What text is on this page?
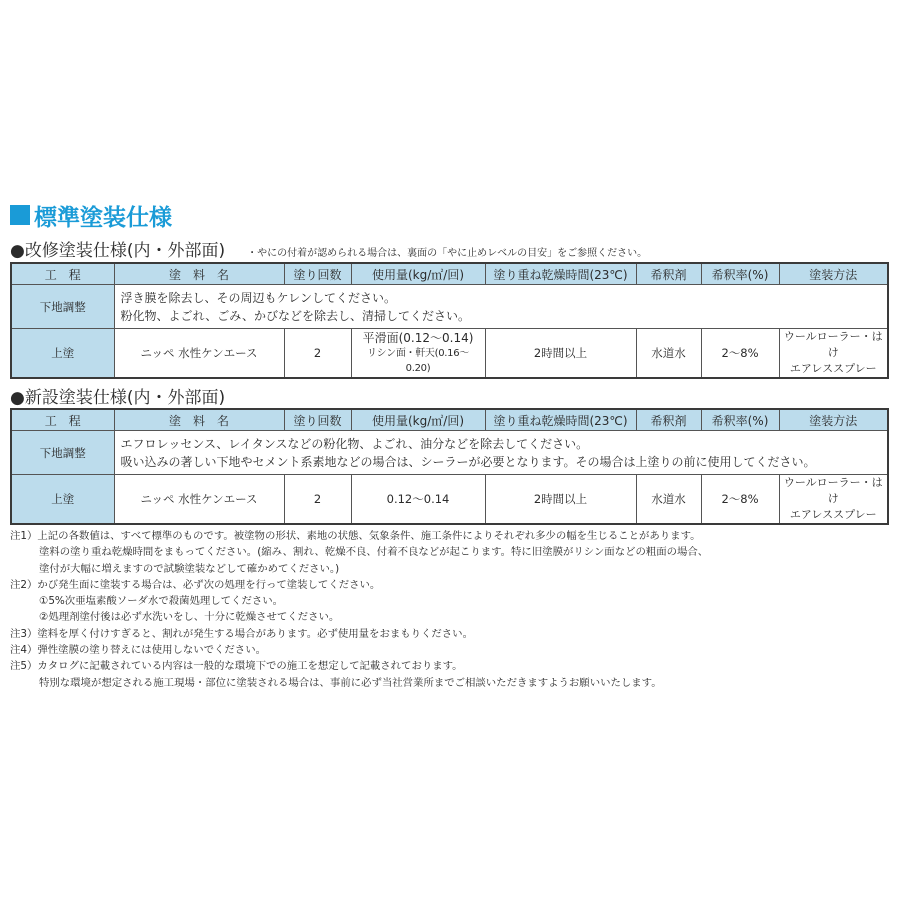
標準塗装仕様
●改修塗装仕様(内・外部面) ・やにの付着が認められる場合は、裏面の「やに止めレベルの目安」をご参照ください。
工　程	塗　料　名	塗り回数	使用量(kg/㎡/回)	塗り重ね乾燥時間(23℃)	希釈剤	希釈率(%)	塗装方法
下地調整	浮き膜を除去し、その周辺もケレンしてください。
粉化物、よごれ、ごみ、かびなどを除去し、清掃してください。						

上塗	ニッペ 水性ケンエース	2	平滑面(0.12〜0.14)
リシン面・軒天(0.16〜0.20)	2時間以上	水道水	2〜8%	ウールローラー・はけ
エアレススプレー
●新設塗装仕様(内・外部面)
工　程	塗　料　名	塗り回数	使用量(kg/㎡/回)	塗り重ね乾燥時間(23℃)	希釈剤	希釈率(%)	塗装方法
下地調整	エフロレッセンス、レイタンスなどの粉化物、よごれ、油分などを除去してください。
吸い込みの著しい下地やセメント系素地などの場合は、シーラーが必要となります。その場合は上塗りの前に使用してください。						

上塗	ニッペ 水性ケンエース	2	0.12〜0.14	2時間以上	水道水	2〜8%	ウールローラー・はけ
エアレススプレー
注1）上記の各数値は、すべて標準のものです。被塗物の形状、素地の状態、気象条件、施工条件によりそれぞれ多少の幅を生じることがあります。
塗料の塗り重ね乾燥時間をまもってください。(縮み、割れ、乾燥不良、付着不良などが起こります。特に旧塗膜がリシン面などの粗面の場合、
塗付が大幅に増えますので試験塗装などして確かめてください。)
注2）かび発生面に塗装する場合は、必ず次の処理を行って塗装してください。
①5%次亜塩素酸ソーダ水で殺菌処理してください。
②処理剤塗付後は必ず水洗いをし、十分に乾燥させてください。
注3）塗料を厚く付けすぎると、割れが発生する場合があります。必ず使用量をおまもりください。
注4）弾性塗膜の塗り替えには使用しないでください。
注5）カタログに記載されている内容は一般的な環境下での施工を想定して記載されております。
特別な環境が想定される施工現場・部位に塗装される場合は、事前に必ず当社営業所までご相談いただきますようお願いいたします。
